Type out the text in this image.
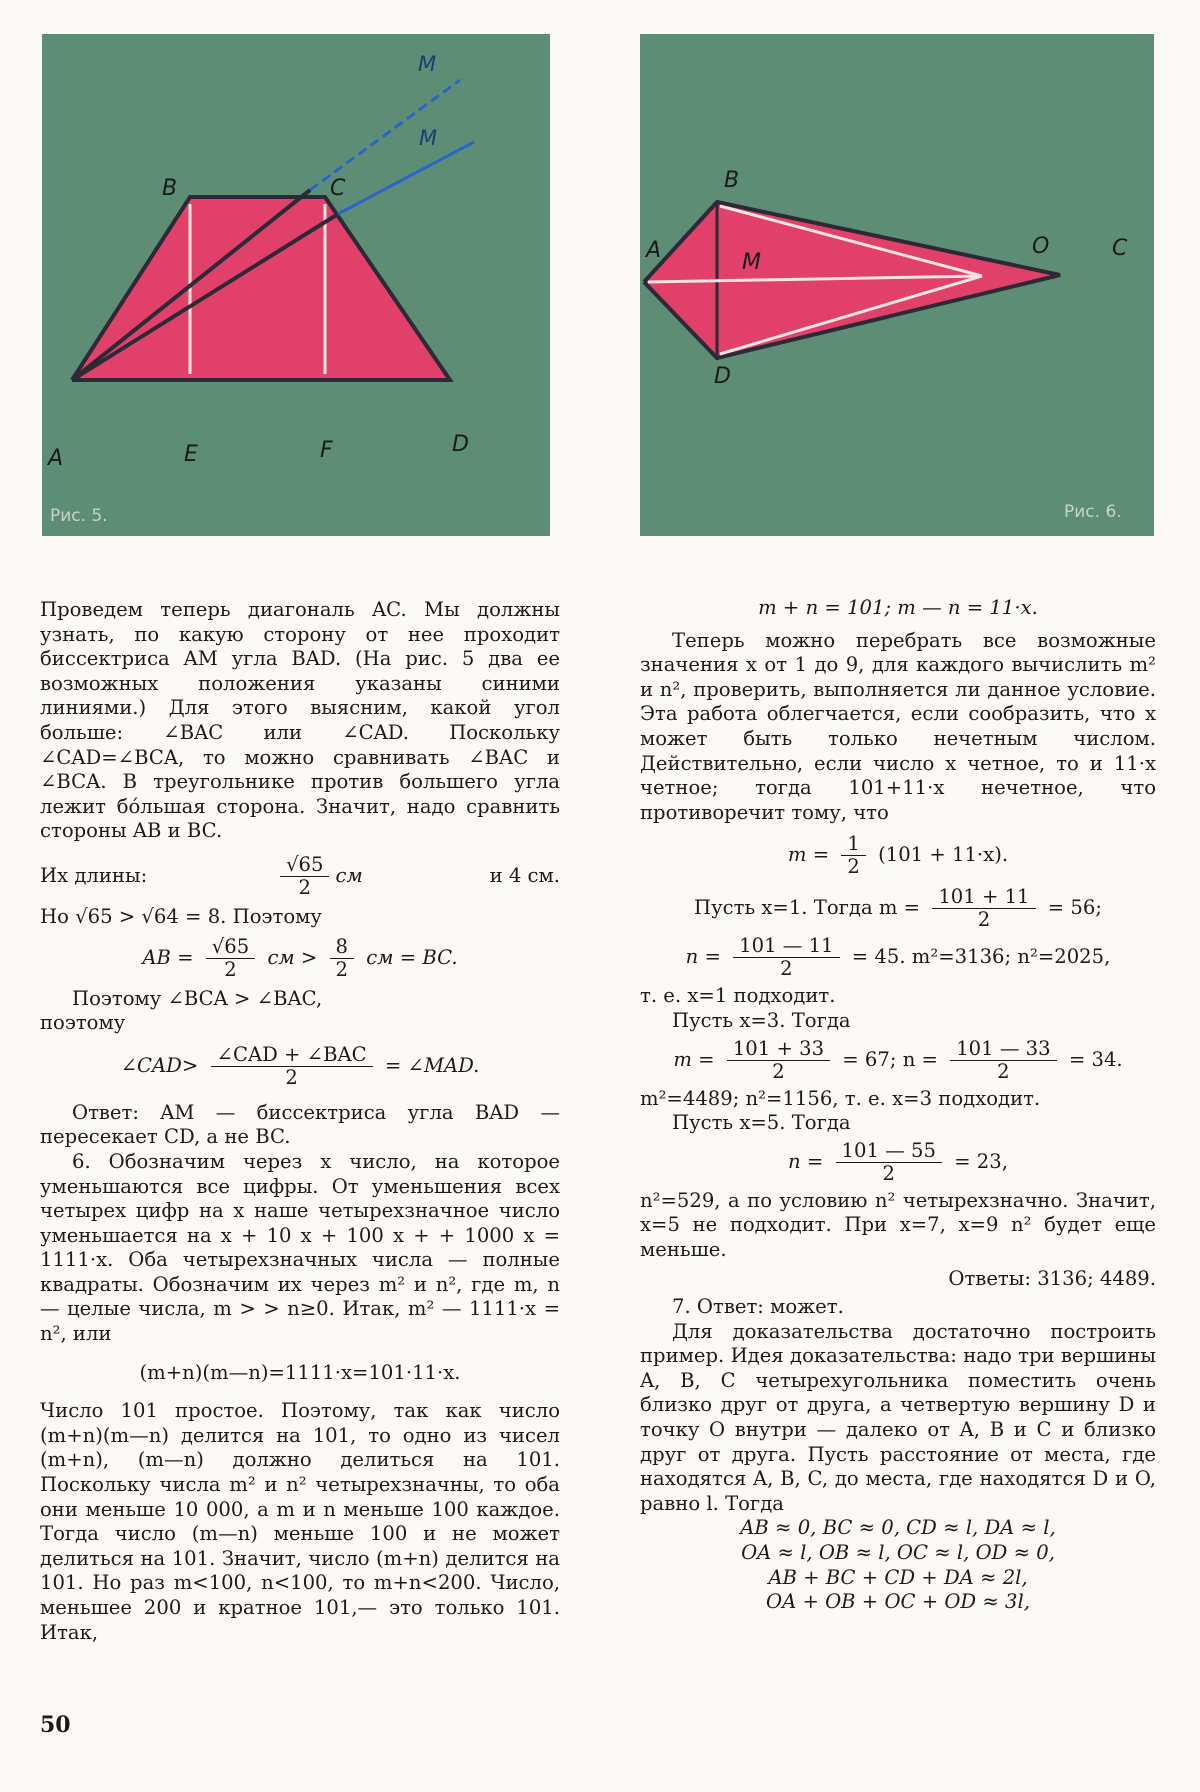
M
M
B	C
A	E	F	D
Рис. 5.
A
B
M
O	C
D
Рис. 6.

Проведем теперь диагональ AC. Мы должны узнать, по какую сторону от нее проходит биссектриса AM угла BAD. (На рис. 5 два ее возможных положения указаны синими линиями.) Для этого выясним, какой угол больше: ∠BAC или ∠CAD. Поскольку ∠CAD=∠BCA, то можно сравнивать ∠BAC и ∠BCA. В треугольнике против большего угла лежит бо́льшая сторона. Значит, надо сравнить стороны AB и BC.

Их длины:	√65
2
см	и 4 см.

Но √65 > √64 = 8. Поэтому

AB = $\frac{√65}{2}$ см > $\frac{8}{2}$ см = BC.

Поэтому ∠BCA > ∠BAC,

поэтому

∠CAD> ∠CAD + ∠BAC
2
= ∠MAD.

Ответ: AM — биссектриса угла BAD — пересекает CD, а не BC.

6. Обозначим через x число, на которое уменьшаются все цифры. От уменьшения всех четырех цифр на x наше четырехзначное число уменьшается на x + 10 x + 100 x + + 1000 x = 1111·x. Оба четырехзначных числа — полные квадраты. Обозначим их через m² и n², где m, n — целые числа, m > > n≥0. Итак, m² — 1111·x = n², или

(m+n)(m—n)=1111·x=101·11·x.

Число 101 простое. Поэтому, так как число (m+n)(m—n) делится на 101, то одно из чисел (m+n), (m—n) должно делиться на 101. Поскольку числа m² и n² четырехзначны, то оба они меньше 10 000, а m и n меньше 100 каждое. Тогда число (m—n) меньше 100 и не может делиться на 101. Значит, число (m+n) делится на 101. Но раз m<100, n<100, то m+n<200. Число, меньшее 200 и кратное 101,— это только 101. Итак,

m + n = 101; m — n = 11·x.

Теперь можно перебрать все возможные значения x от 1 до 9, для каждого вычислить m² и n², проверить, выполняется ли данное условие. Эта работа облегчается, если сообразить, что x может быть только нечетным числом. Действительно, если число x четное, то и 11·x четное; тогда 101+11·x нечетное, что противоречит тому, что

$m = \frac{1}{2} (101 + 11\cdot x)$.

Пусть x=1. Тогда $m = \frac{101 + 11}{2} = 56$;

$n = \frac{101 — 11}{2} = 45$. m²=3136; n²=2025,

т. е. x=1 подходит.

Пусть x=3. Тогда

$m = \frac{101 + 33}{2} = 67$; $n = \frac{101 — 33}{2} = 34$.

m²=4489; n²=1156, т. е. x=3 подходит.

Пусть x=5. Тогда

$n = \frac{101 — 55}{2} = 23$,

n²=529, а по условию n² четырехзначно. Значит, x=5 не подходит. При x=7, x=9 n² будет еще меньше.

Ответы: 3136; 4489.

7. Ответ: может.

Для доказательства достаточно построить пример. Идея доказательства: надо три вершины A, B, C четырехугольника поместить очень близко друг от друга, а четвертую вершину D и точку O внутри — далеко от A, B и C и близко друг от друга. Пусть расстояние от места, где находятся A, B, C, до места, где находятся D и O, равно l. Тогда

AB ≈ 0, BC ≈ 0, CD ≈ l, DA ≈ l,

OA ≈ l, OB ≈ l, OC ≈ l, OD ≈ 0,

AB + BC + CD + DA ≈ 2l,

OA + OB + OC + OD ≈ 3l,

50
